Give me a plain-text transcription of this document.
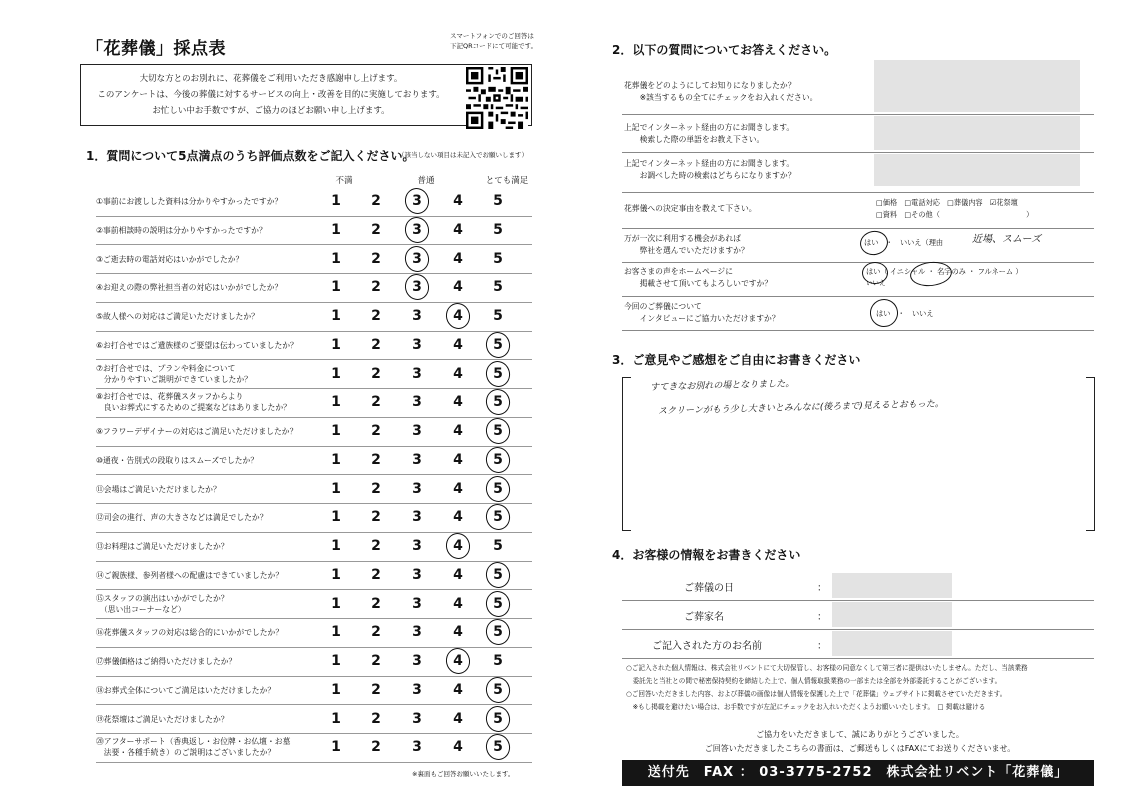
「花葬儀」採点表
スマートフォンでのご回答は
下記QRコードにて可能です。
大切な方とのお別れに、花葬儀をご利用いただき感謝申し上げます。
このアンケートは、今後の葬儀に対するサービスの向上・改善を目的に実施しております。
お忙しい中お手数ですが、ご協力のほどお願い申し上げます。
1．質問について5点満点のうち評価点数をご記入ください。
（該当しない項目は未記入でお願いします）
不満	普通	とても満足
①事前にお渡しした資料は分かりやすかったですか？	1	2	3	4	5
②事前相談時の説明は分かりやすかったですか？	1	2	3	4	5
③ご逝去時の電話対応はいかがでしたか？	1	2	3	4	5
④お迎えの際の弊社担当者の対応はいかがでしたか？	1	2	3	4	5
⑤故人様への対応はご満足いただけましたか？	1	2	3	4	5
⑥お打合せではご遺族様のご要望は伝わっていましたか？	1	2	3	4	5
⑦お打合せでは、プランや料金について
　分かりやすいご説明ができていましたか？	1	2	3	4	5
⑧お打合せでは、花葬儀スタッフからより
　良いお葬式にするためのご提案などはありましたか？	1	2	3	4	5
⑨フラワーデザイナーの対応はご満足いただけましたか？	1	2	3	4	5
⑩通夜・告別式の段取りはスムーズでしたか？	1	2	3	4	5
⑪会場はご満足いただけましたか？	1	2	3	4	5
⑫司会の進行、声の大きさなどは満足でしたか？	1	2	3	4	5
⑬お料理はご満足いただけましたか？	1	2	3	4	5
⑭ご親族様、参列者様への配慮はできていましたか？	1	2	3	4	5
⑮スタッフの演出はいかがでしたか？
　（思い出コーナーなど）	1	2	3	4	5
⑯花葬儀スタッフの対応は総合的にいかがでしたか？	1	2	3	4	5
⑰葬儀価格はご納得いただけましたか？	1	2	3	4	5
⑱お葬式全体についてご満足はいただけましたか？	1	2	3	4	5
⑲花祭壇はご満足いただけましたか？	1	2	3	4	5
⑳アフターサポート（香典返し・お位牌・お仏壇・お墓
　法要・各種手続き）のご説明はございましたか？	1	2	3	4	5
※裏面もご回答お願いいたします。
2．以下の質問についてお答えください。
花葬儀をどのようにしてお知りになりましたか？
　　※該当するもの全てにチェックをお入れください。
上記でインターネット経由の方にお聞きします。
　　検索した際の単語をお教え下さい。
上記でインターネット経由の方にお聞きします。
　　お調べした時の検索はどちらになりますか？
花葬儀への決定事由を教えて下さい。
□価格　□電話対応　□葬儀内容　☑花祭壇
□資料　□その他（　　　　　　　　　　　　）
万が一次に利用する機会があれば
　　弊社を選んでいただけますか？
はい　・　いいえ（理由	近場、スムーズ
お客さまの声をホームページに
　　掲載させて頂いてもよろしいですか？
はい（ イニシャル ・ 名字のみ ・ フルネーム ）
いいえ
今回のご葬儀について
　　インタビューにご協力いただけますか？
はい　・　いいえ
3．ご意見やご感想をご自由にお書きください
すてきなお別れの場となりました。
スクリーンがもう少し大きいとみんなに(後ろまで)見えるとおもった。
4．お客様の情報をお書きください
ご葬儀の日	：
ご葬家名	：
ご記入された方のお名前	：
○ご記入された個人情報は、株式会社リベントにて大切保管し、お客様の同意なくして第三者に提供はいたしません。ただし、当該業務
　委託先と当社との間で秘密保持契約を締結した上で、個人情報取扱業務の一部または全部を外部委託することがございます。
○ご回答いただきました内容、および葬儀の画像は個人情報を保護した上で「花葬儀」ウェブサイトに掲載させていただきます。
　※もし掲載を避けたい場合は、お手数ですが左記にチェックをお入れいただくようお願いいたします。　□ 掲載は避ける
ご協力をいただきまして、誠にありがとうございました。
ご回答いただきましたこちらの書面は、ご郵送もしくはFAXにてお送りくださいませ。
送付先　FAX ： 03-3775-2752　株式会社リベント「花葬儀」
